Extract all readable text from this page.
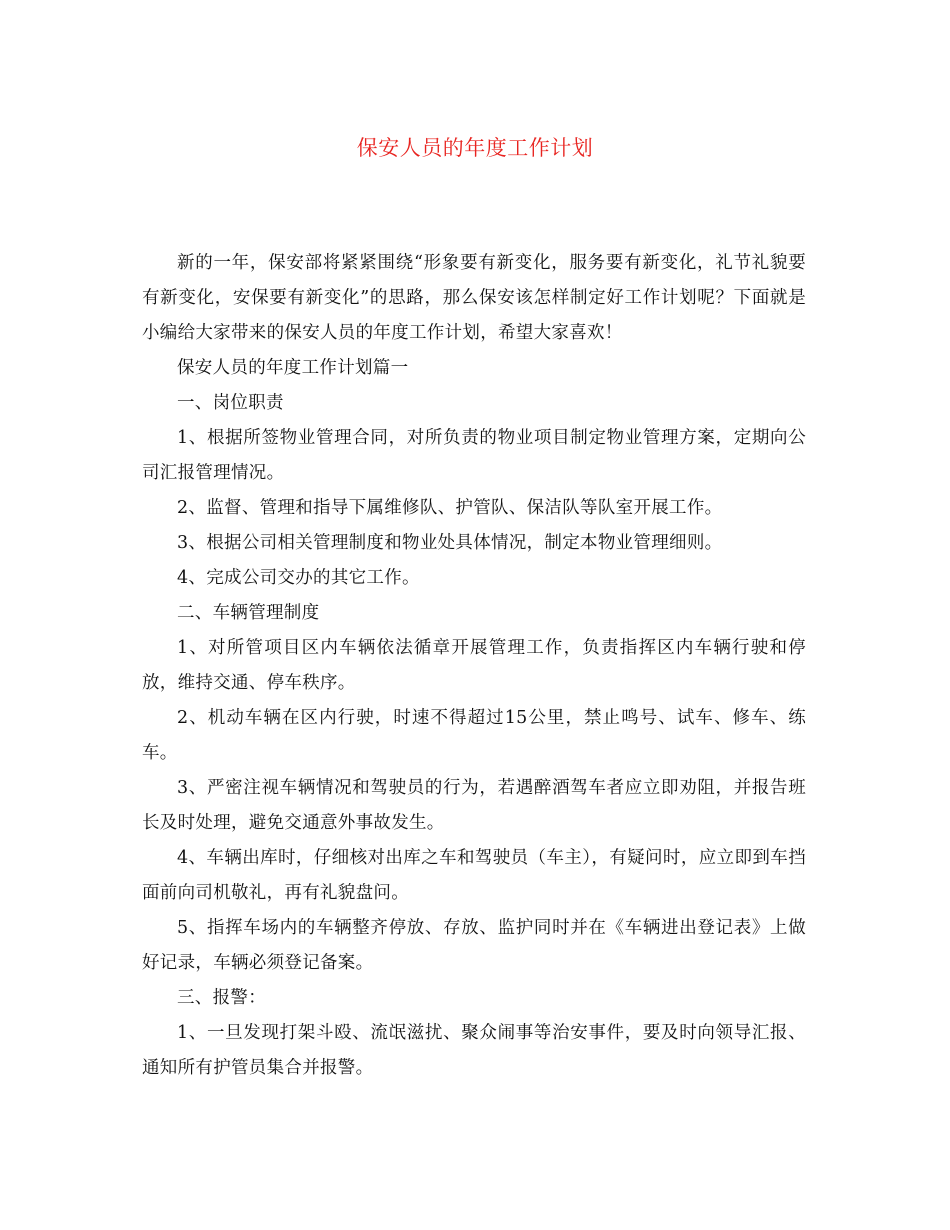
保安人员的年度工作计划

新的一年，保安部将紧紧围绕“形象要有新变化，服务要有新变化，礼节礼貌要有新变化，安保要有新变化”的思路，那么保安该怎样制定好工作计划呢？下面就是小编给大家带来的保安人员的年度工作计划，希望大家喜欢！

保安人员的年度工作计划篇一

一、岗位职责

1、根据所签物业管理合同，对所负责的物业项目制定物业管理方案，定期向公司汇报管理情况。

2、监督、管理和指导下属维修队、护管队、保洁队等队室开展工作。

3、根据公司相关管理制度和物业处具体情况，制定本物业管理细则。

4、完成公司交办的其它工作。

二、车辆管理制度

1、对所管项目区内车辆依法循章开展管理工作，负责指挥区内车辆行驶和停放，维持交通、停车秩序。

2、机动车辆在区内行驶，时速不得超过15公里，禁止鸣号、试车、修车、练车。

3、严密注视车辆情况和驾驶员的行为，若遇醉酒驾车者应立即劝阻，并报告班长及时处理，避免交通意外事故发生。

4、车辆出库时，仔细核对出库之车和驾驶员（车主），有疑问时，应立即到车挡面前向司机敬礼，再有礼貌盘问。

5、指挥车场内的车辆整齐停放、存放、监护同时并在《车辆进出登记表》上做好记录，车辆必须登记备案。

三、报警：

1、一旦发现打架斗殴、流氓滋扰、聚众闹事等治安事件，要及时向领导汇报、通知所有护管员集合并报警。
